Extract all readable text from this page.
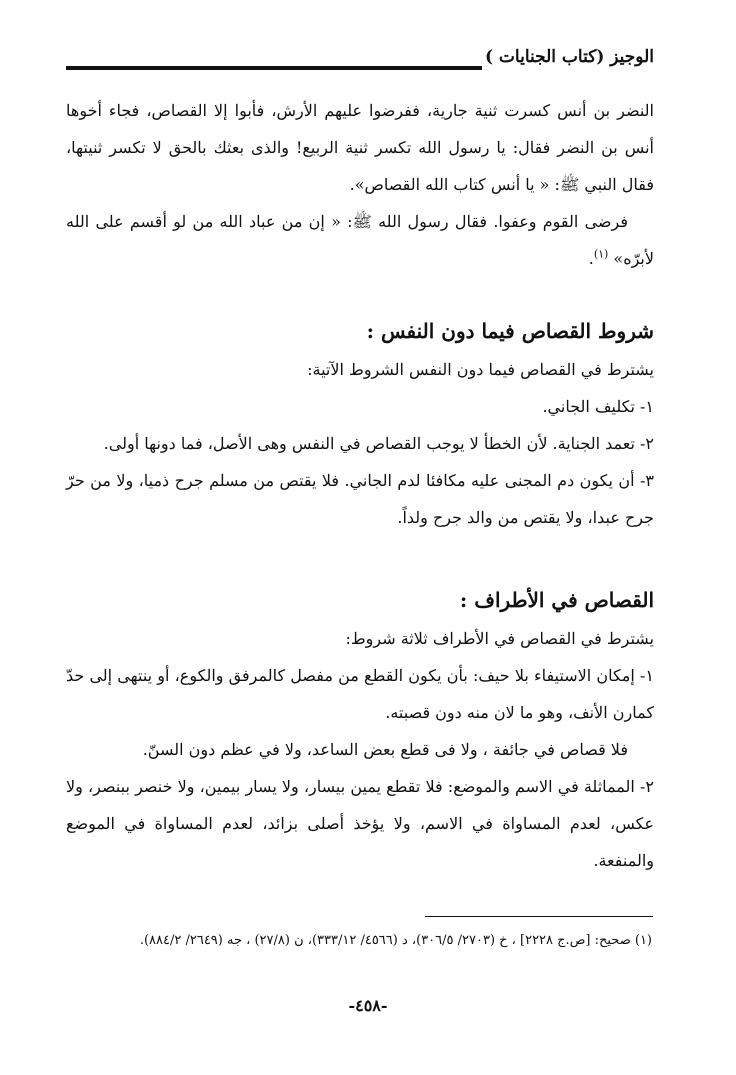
الوجيز (كتاب الجنايات )

النضر بن أنس كسرت ثنية جارية، ففرضوا عليهم الأرش، فأبوا إلا القصاص، فجاء أخوها أنس بن النضر فقال: يا رسول الله تكسر ثنية الربيع! والذى بعثك بالحق لا تكسر ثنيتها، فقال النبي ﷺ: « يا أنس كتاب الله القصاص».

فرضى القوم وعفوا. فقال رسول الله ﷺ: « إن من عباد الله من لو أقسم على الله لأبرّه» $^{(١)}$.

شروط القصاص فيما دون النفس :

يشترط في القصاص فيما دون النفس الشروط الآتية:

١- تكليف الجاني.

٢- تعمد الجناية. لأن الخطأ لا يوجب القصاص في النفس وهى الأصل، فما دونها أولى.

٣- أن يكون دم المجنى عليه مكافئا لدم الجاني. فلا يقتص من مسلم جرح ذميا، ولا من حرّ جرح عبدا، ولا يقتص من والد جرح ولداً.

القصاص في الأطراف :

يشترط في القصاص في الأطراف ثلاثة شروط:

١- إمكان الاستيفاء بلا حيف: بأن يكون القطع من مفصل كالمرفق والكوع، أو ينتهى إلى حدّ كمارن الأنف، وهو ما لان منه دون قصبته.

فلا قصاص في جائفة ، ولا فى قطع بعض الساعد، ولا في عظم دون السنّ.

٢- المماثلة في الاسم والموضع: فلا تقطع يمين بيسار، ولا يسار بيمين، ولا خنصر ببنصر، ولا عكس، لعدم المساواة في الاسم، ولا يؤخذ أصلى بزائد، لعدم المساواة في الموضع والمنفعة.

(١) صحيح: [ص.ج ٢٢٢٨] ، خ (٢٧٠٣/ ٣٠٦/٥)، د (٤٥٦٦/ ٣٣٣/١٢)، ن (٢٧/٨) ، جه (٢٦٤٩/ ٨٨٤/٢).
-٤٥٨-
